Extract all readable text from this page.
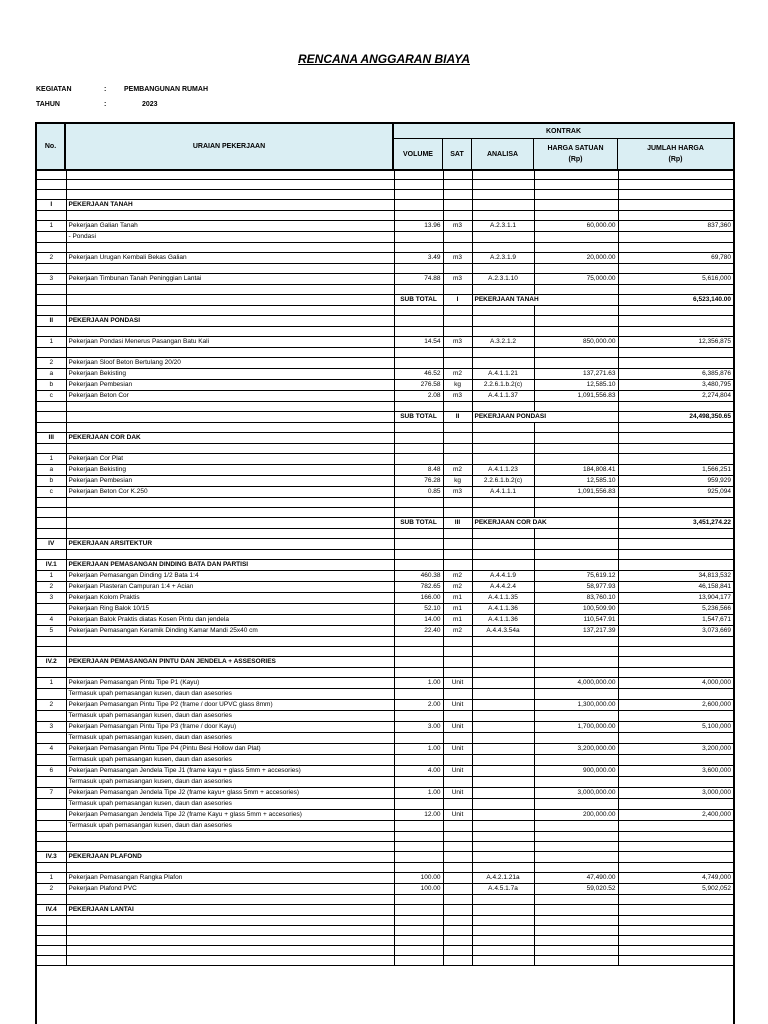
RENCANA ANGGARAN BIAYA
KEGIATAN	:	PEMBANGUNAN RUMAH
TAHUN	:	2023
No.	URAIAN PEKERJAAN
KONTRAK
VOLUME	SAT	ANALISA
HARGA SATUAN
(Rp)
JUMLAH HARGA
(Rp)

I	PEKERJAAN TANAH					

1	Pekerjaan Galian Tanah	13.96	m3	A.2.3.1.1	60,000.00	837,360
	- Pondasi					

2	Pekerjaan Urugan Kembali Bekas Galian	3.49	m3	A.2.3.1.9	20,000.00	69,780

3	Pekerjaan Timbunan Tanah Peninggian Lantai	74.88	m3	A.2.3.1.10	75,000.00	5,616,000

		SUB TOTAL	I	PEKERJAAN TANAH		6,523,140.00

II	PEKERJAAN PONDASI					

1	Pekerjaan Pondasi Menerus Pasangan Batu Kali	14.54	m3	A.3.2.1.2	850,000.00	12,356,875

2	Pekerjaan Sloof Beton Bertulang 20/20					
a	Pekerjaan Bekisting	46.52	m2	A.4.1.1.21	137,271.63	6,385,876
b	Pekerjaan Pembesian	276.58	kg	2.2.6.1.b.2(c)	12,585.10	3,480,795
c	Pekerjaan Beton Cor	2.08	m3	A.4.1.1.37	1,091,556.83	2,274,804

		SUB TOTAL	II	PEKERJAAN PONDASI		24,498,350.65

III	PEKERJAAN COR DAK					

1	Pekerjaan Cor Plat					
a	Pekerjaan Bekisting	8.48	m2	A.4.1.1.23	184,808.41	1,566,251
b	Pekerjaan Pembesian	76.28	kg	2.2.6.1.b.2(c)	12,585.10	959,929
c	Pekerjaan Beton Cor K.250	0.85	m3	A.4.1.1.1	1,091,556.83	925,094

		SUB TOTAL	III	PEKERJAAN COR DAK		3,451,274.22

IV	PEKERJAAN ARSITEKTUR					

IV.1	PEKERJAAN PEMASANGAN DINDING BATA DAN PARTISI					
1	Pekerjaan Pemasangan Dinding 1/2 Bata 1:4	460.38	m2	A.4.4.1.9	75,619.12	34,813,532
2	Pekerjaan Plasteran Campuran 1:4 + Acian	782.65	m2	A.4.4.2.4	58,977.93	46,158,841
3	Pekerjaan Kolom Praktis	166.00	m1	A.4.1.1.35	83,760.10	13,904,177
	Pekerjaan Ring Balok 10/15	52.10	m1	A.4.1.1.36	100,509.90	5,236,566
4	Pekerjaan Balok Praktis diatas Kosen Pintu dan jendela	14.00	m1	A.4.1.1.36	110,547.91	1,547,671
5	Pekerjaan Pemasangan Keramik Dinding Kamar Mandi 25x40 cm	22.40	m2	A.4.4.3.54a	137,217.39	3,073,669

IV.2	PEKERJAAN PEMASANGAN PINTU DAN JENDELA + ASSESORIES					

1	Pekerjaan Pemasangan Pintu Tipe P1 (Kayu)	1.00	Unit		4,000,000.00	4,000,000
	Termasuk upah pemasangan kusen, daun dan asesories					
2	Pekerjaan Pemasangan Pintu Tipe P2 (frame / door UPVC glass 8mm)	2.00	Unit		1,300,000.00	2,600,000
	Termasuk upah pemasangan kusen, daun dan asesories					
3	Pekerjaan Pemasangan Pintu Tipe P3 (frame / door Kayu)	3.00	Unit		1,700,000.00	5,100,000
	Termasuk upah pemasangan kusen, daun dan asesories					
4	Pekerjaan Pemasangan Pintu Tipe P4 (Pintu Besi Hollow dan Plat)	1.00	Unit		3,200,000.00	3,200,000
	Termasuk upah pemasangan kusen, daun dan asesories					
6	Pekerjaan Pemasangan Jendela Tipe J1 (frame kayu + glass 5mm + accesories)	4.00	Unit		900,000.00	3,600,000
	Termasuk upah pemasangan kusen, daun dan asesories					
7	Pekerjaan Pemasangan Jendela Tipe J2 (frame kayu+ glass 5mm + accesories)	1.00	Unit		3,000,000.00	3,000,000
	Termasuk upah pemasangan kusen, daun dan asesories					
	Pekerjaan Pemasangan Jendela Tipe J2 (frame Kayu + glass 5mm + accesories)	12.00	Unit		200,000.00	2,400,000
	Termasuk upah pemasangan kusen, daun dan asesories					

IV.3	PEKERJAAN PLAFOND					

1	Pekerjaan Pemasangan Rangka Plafon	100.00		A.4.2.1.21a	47,490.00	4,749,000
2	Pekerjaan Plafond PVC	100.00		A.4.5.1.7a	59,020.52	5,902,052

IV.4	PEKERJAAN LANTAI					
